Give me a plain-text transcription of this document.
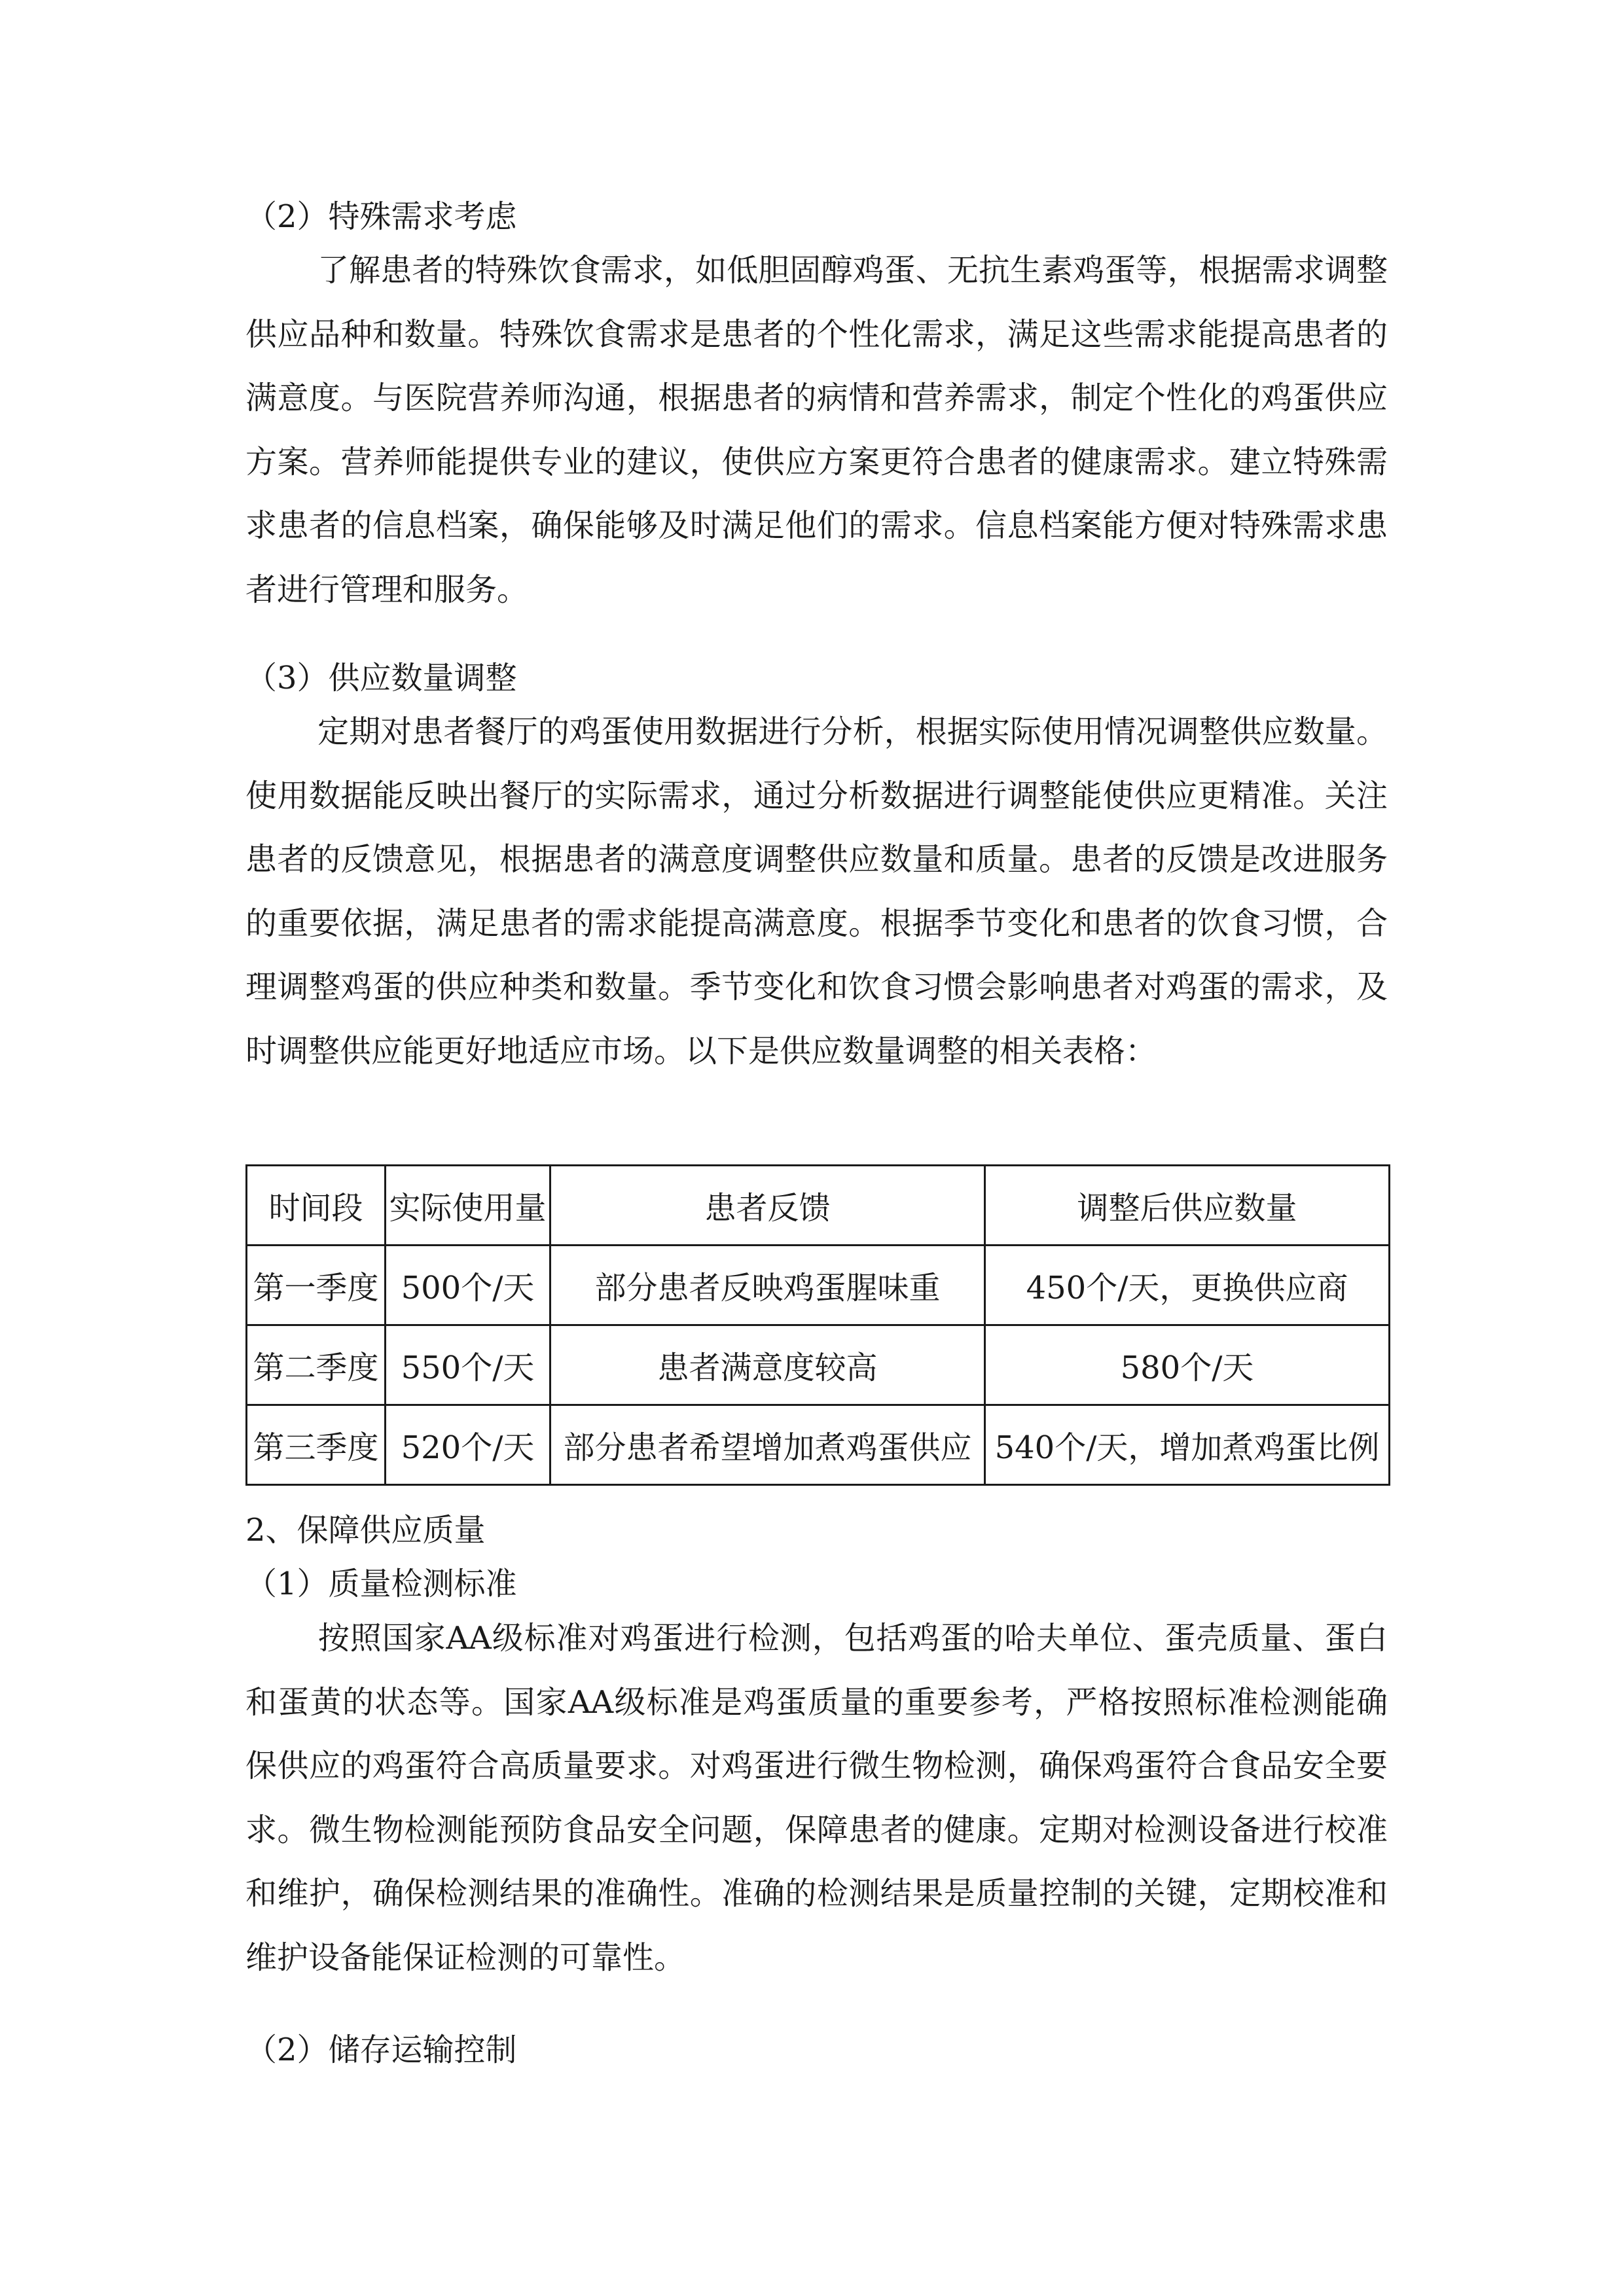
（2）特殊需求考虑

了解患者的特殊饮食需求，如低胆固醇鸡蛋、无抗生素鸡蛋等，根据需求调整供应品种和数量。特殊饮食需求是患者的个性化需求，满足这些需求能提高患者的满意度。与医院营养师沟通，根据患者的病情和营养需求，制定个性化的鸡蛋供应方案。营养师能提供专业的建议，使供应方案更符合患者的健康需求。建立特殊需求患者的信息档案，确保能够及时满足他们的需求。信息档案能方便对特殊需求患者进行管理和服务。

（3）供应数量调整

定期对患者餐厅的鸡蛋使用数据进行分析，根据实际使用情况调整供应数量。使用数据能反映出餐厅的实际需求，通过分析数据进行调整能使供应更精准。关注患者的反馈意见，根据患者的满意度调整供应数量和质量。患者的反馈是改进服务的重要依据，满足患者的需求能提高满意度。根据季节变化和患者的饮食习惯，合理调整鸡蛋的供应种类和数量。季节变化和饮食习惯会影响患者对鸡蛋的需求，及时调整供应能更好地适应市场。以下是供应数量调整的相关表格：

时间段	实际使用量	患者反馈	调整后供应数量
第一季度	500个/天	部分患者反映鸡蛋腥味重	450个/天，更换供应商
第二季度	550个/天	患者满意度较高	580个/天
第三季度	520个/天	部分患者希望增加煮鸡蛋供应	540个/天，增加煮鸡蛋比例
2、保障供应质量
（1）质量检测标准

按照国家AA级标准对鸡蛋进行检测，包括鸡蛋的哈夫单位、蛋壳质量、蛋白和蛋黄的状态等。国家AA级标准是鸡蛋质量的重要参考，严格按照标准检测能确保供应的鸡蛋符合高质量要求。对鸡蛋进行微生物检测，确保鸡蛋符合食品安全要求。微生物检测能预防食品安全问题，保障患者的健康。定期对检测设备进行校准和维护，确保检测结果的准确性。准确的检测结果是质量控制的关键，定期校准和维护设备能保证检测的可靠性。

（2）储存运输控制
